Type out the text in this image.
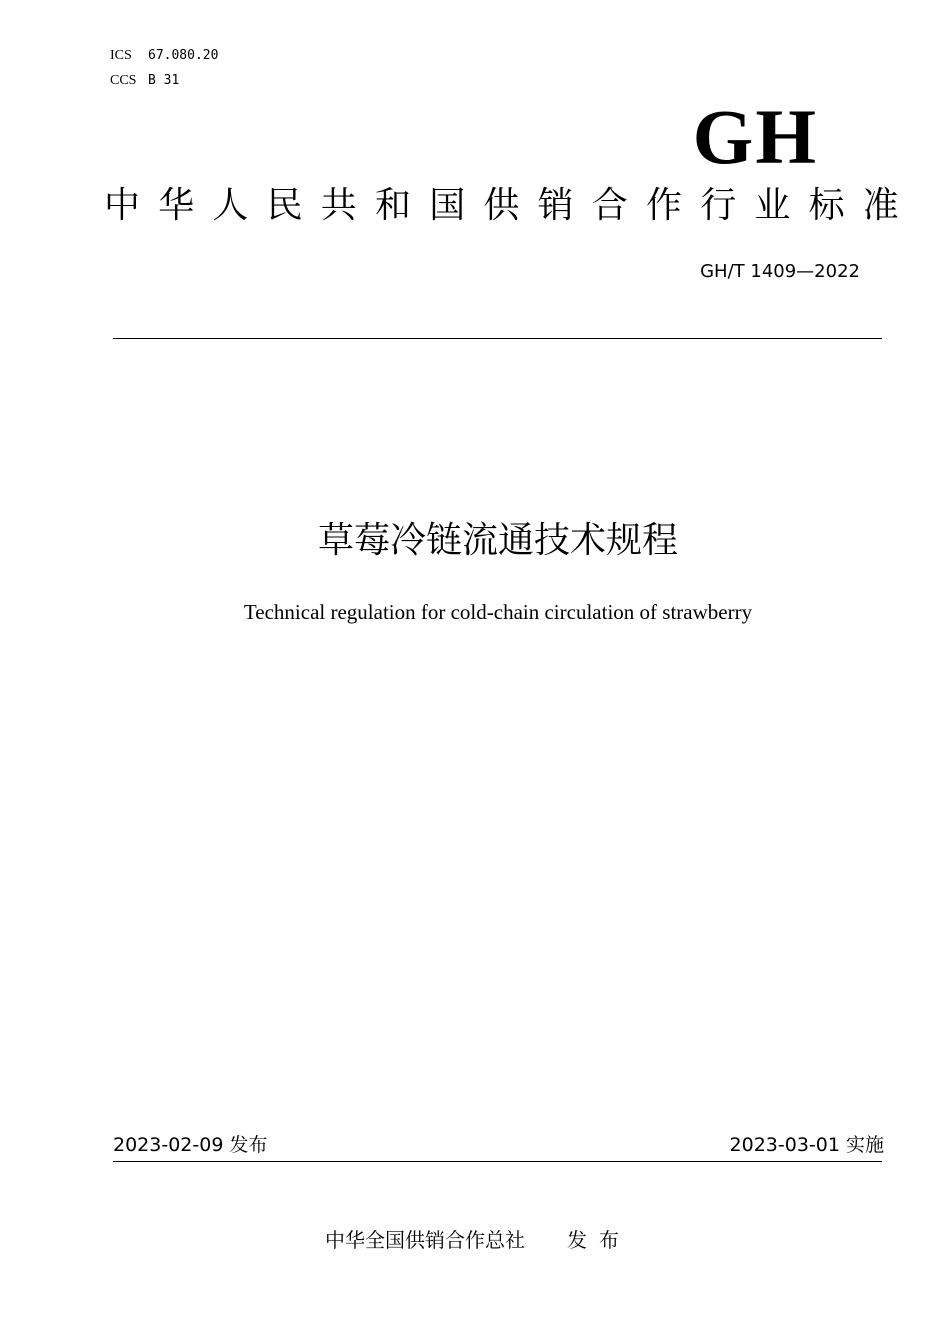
ICS 67.080.20
CCS B 31
GH
中华人民共和国供销合作行业标准
GH/T 1409—2022
草莓冷链流通技术规程
Technical regulation for cold-chain circulation of strawberry
2023-02-09 发布	2023-03-01 实施
中华全国供销合作总社 发布
